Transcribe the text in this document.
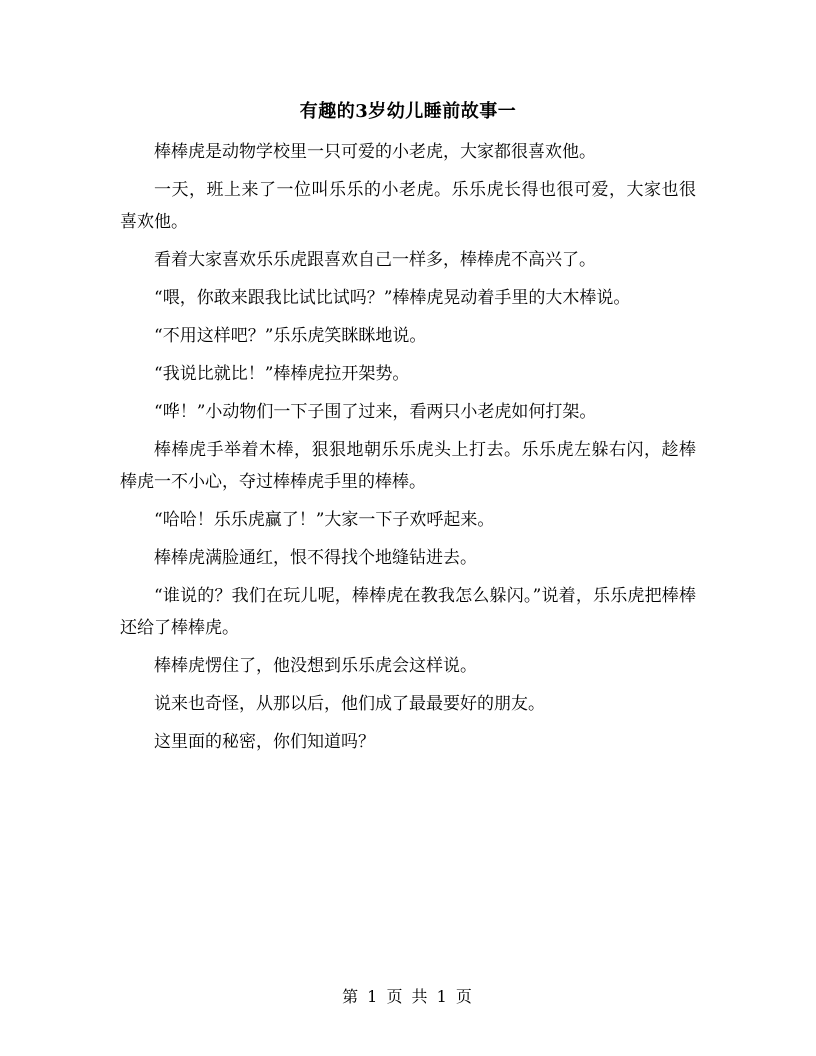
有趣的3岁幼儿睡前故事一

棒棒虎是动物学校里一只可爱的小老虎，大家都很喜欢他。

一天，班上来了一位叫乐乐的小老虎。乐乐虎长得也很可爱，大家也很喜欢他。

看着大家喜欢乐乐虎跟喜欢自己一样多，棒棒虎不高兴了。

“喂，你敢来跟我比试比试吗？”棒棒虎晃动着手里的大木棒说。

“不用这样吧？”乐乐虎笑眯眯地说。

“我说比就比！”棒棒虎拉开架势。

“哗！”小动物们一下子围了过来，看两只小老虎如何打架。

棒棒虎手举着木棒，狠狠地朝乐乐虎头上打去。乐乐虎左躲右闪，趁棒棒虎一不小心，夺过棒棒虎手里的棒棒。

“哈哈！乐乐虎赢了！”大家一下子欢呼起来。

棒棒虎满脸通红，恨不得找个地缝钻进去。

“谁说的？我们在玩儿呢，棒棒虎在教我怎么躲闪。”说着，乐乐虎把棒棒还给了棒棒虎。

棒棒虎愣住了，他没想到乐乐虎会这样说。

说来也奇怪，从那以后，他们成了最最要好的朋友。

这里面的秘密，你们知道吗？

第 1 页 共 1 页
